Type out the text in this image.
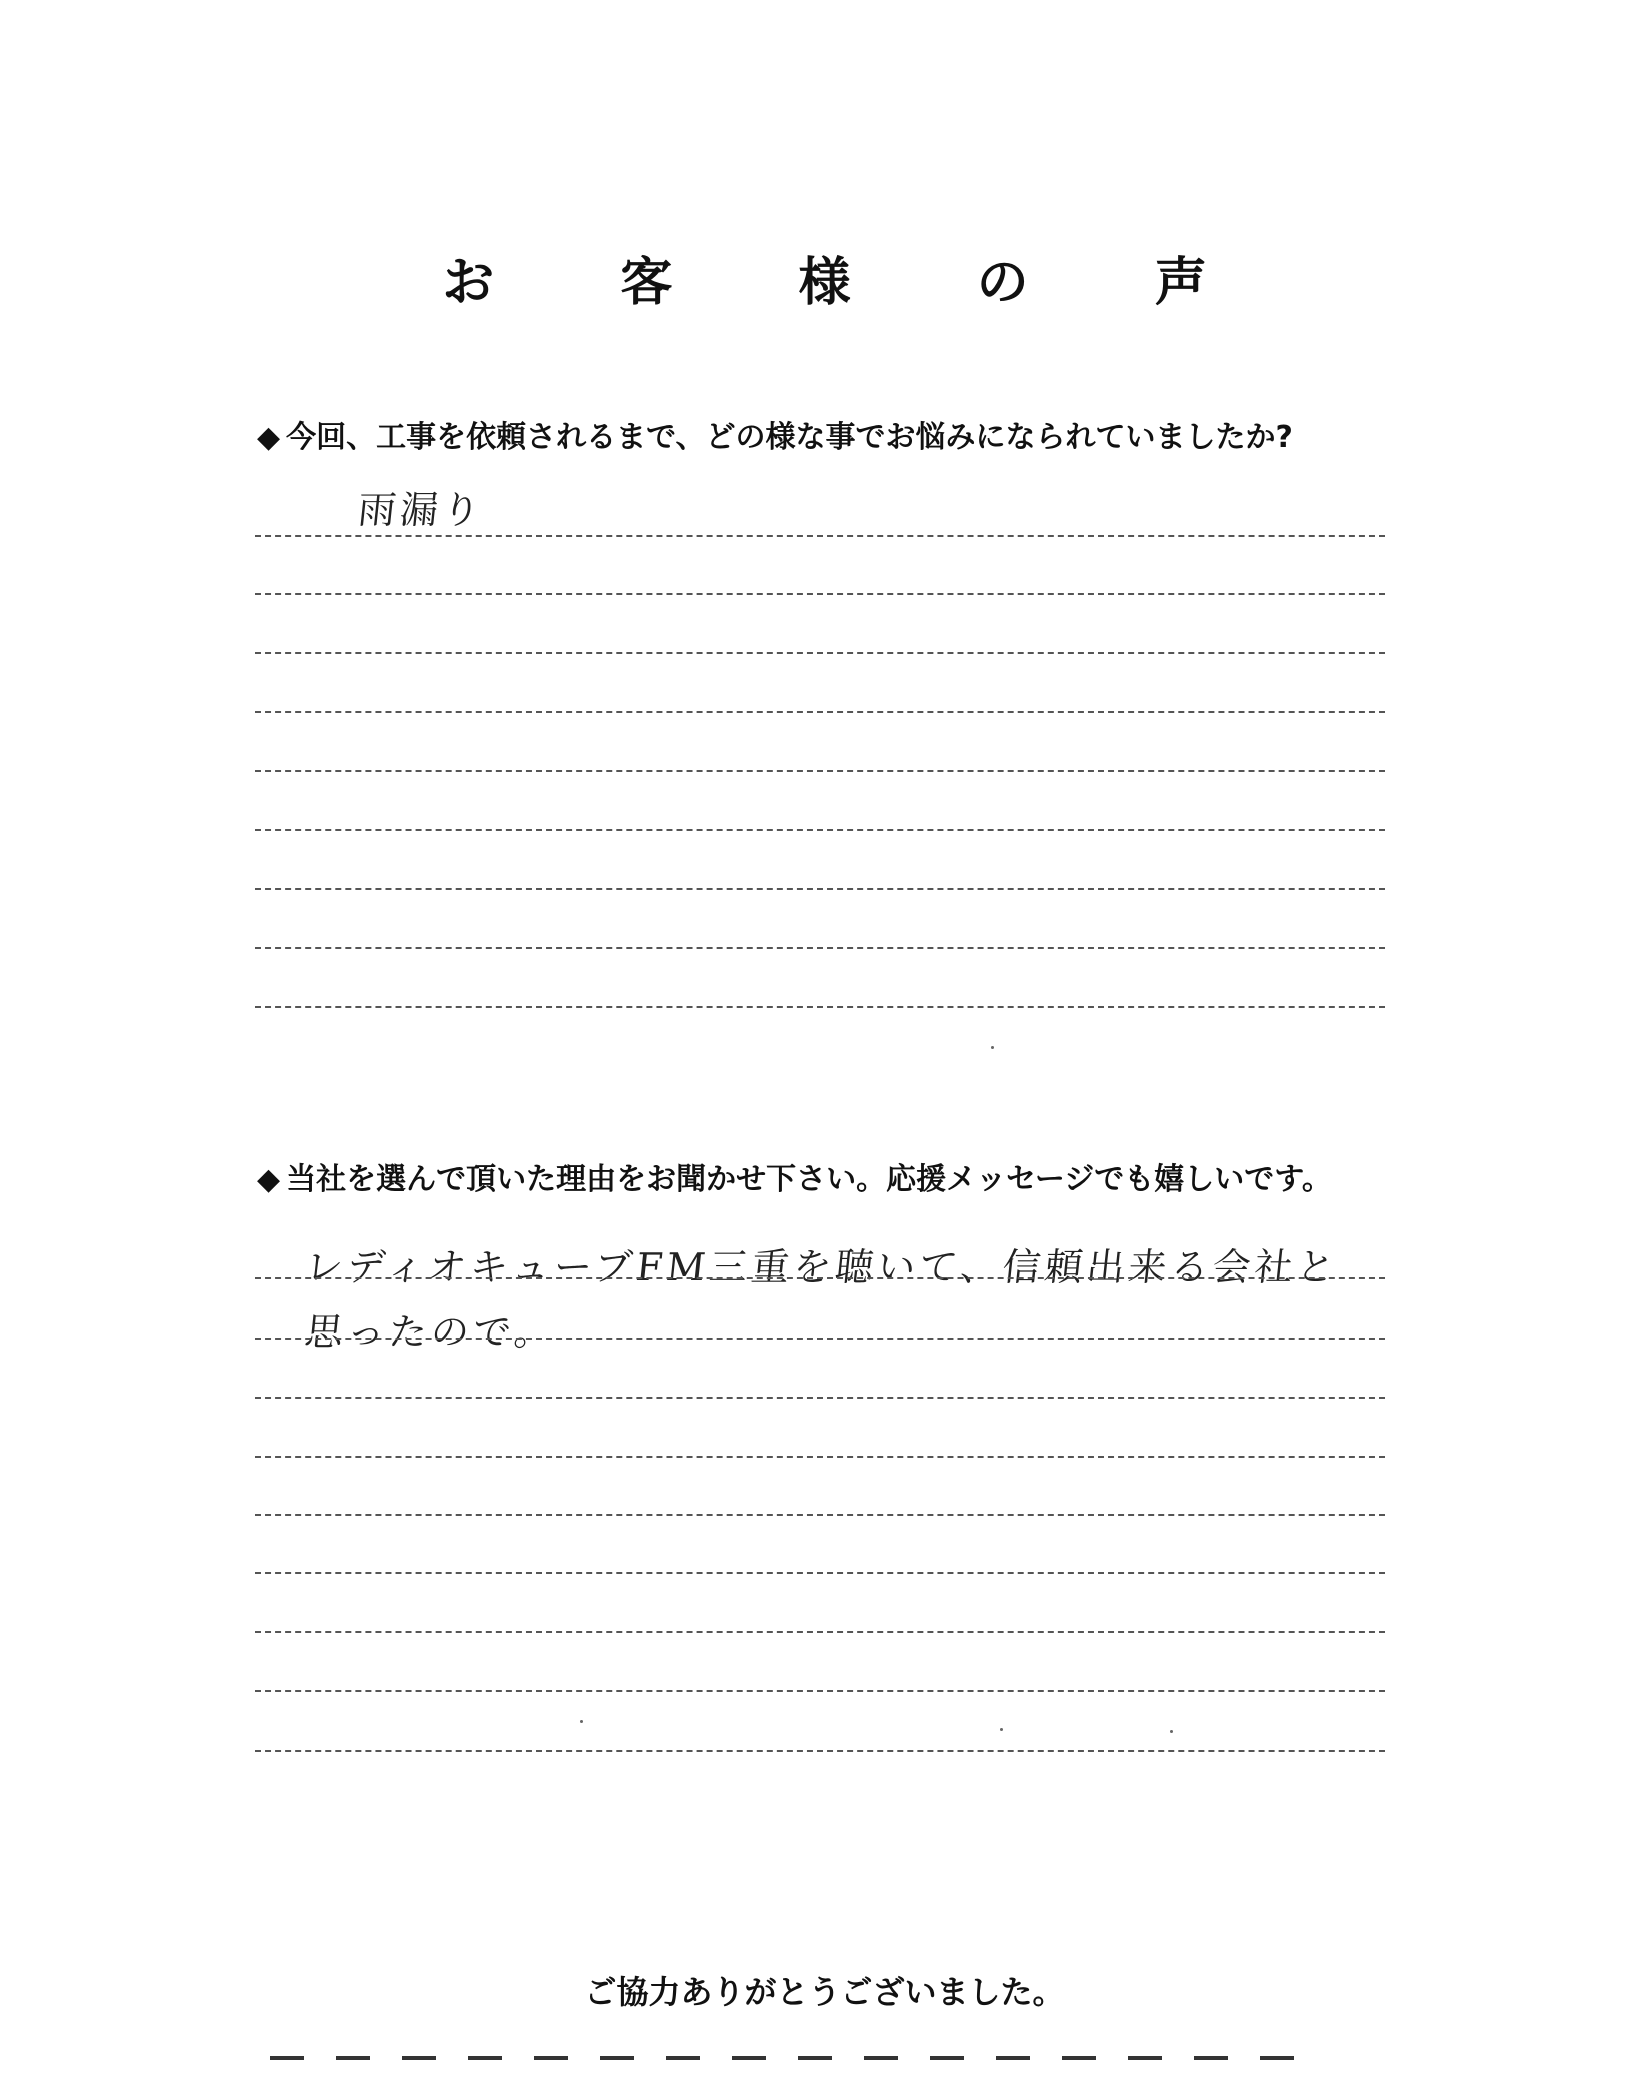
お 客 様 の 声

◆ 今回、工事を依頼されるまで、どの様な事でお悩みになられていましたか?

雨漏り

◆ 当社を選んで頂いた理由をお聞かせ下さい。応援メッセージでも嬉しいです。

レディオキューブFM三重を聴いて、信頼出来る会社と

思ったので。

ご協力ありがとうございました。
